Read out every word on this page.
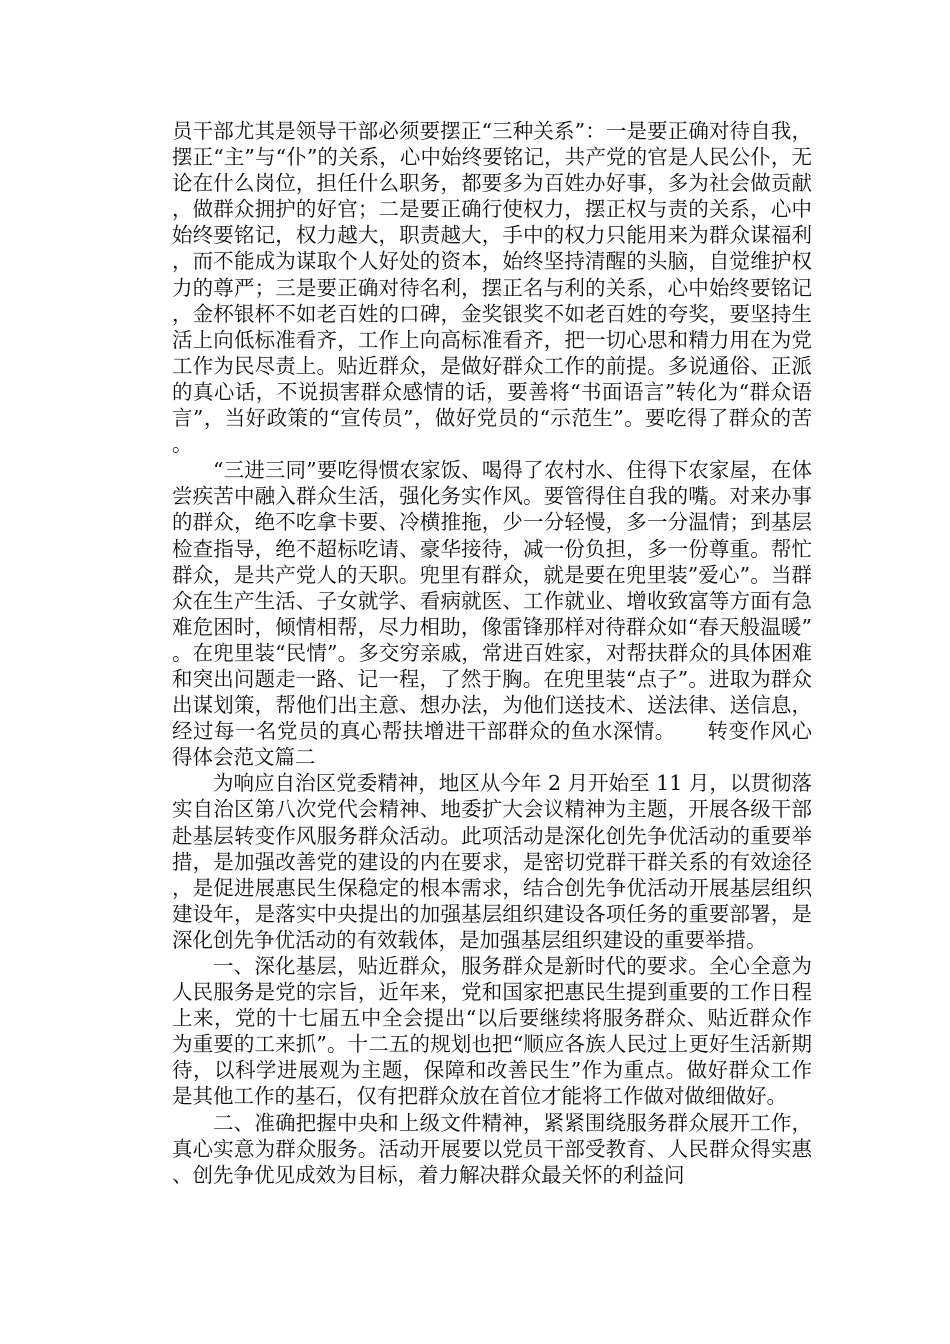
员干部尤其是领导干部必须要摆正“三种关系”：一是要正确对待自我，摆正“主”与“仆”的关系，心中始终要铭记，共产党的官是人民公仆，无论在什么岗位，担任什么职务，都要多为百姓办好事，多为社会做贡献，做群众拥护的好官；二是要正确行使权力，摆正权与责的关系，心中始终要铭记，权力越大，职责越大，手中的权力只能用来为群众谋福利，而不能成为谋取个人好处的资本，始终坚持清醒的头脑，自觉维护权力的尊严；三是要正确对待名利，摆正名与利的关系，心中始终要铭记，金杯银杯不如老百姓的口碑，金奖银奖不如老百姓的夸奖，要坚持生活上向低标准看齐，工作上向高标准看齐，把一切心思和精力用在为党工作为民尽责上。贴近群众，是做好群众工作的前提。多说通俗、正派的真心话，不说损害群众感情的话，要善将“书面语言”转化为“群众语言”，当好政策的“宣传员”，做好党员的“示范生”。要吃得了群众的苦。

“三进三同”要吃得惯农家饭、喝得了农村水、住得下农家屋，在体尝疾苦中融入群众生活，强化务实作风。要管得住自我的嘴。对来办事的群众，绝不吃拿卡要、冷横推拖，少一分轻慢，多一分温情；到基层检查指导，绝不超标吃请、豪华接待，减一份负担，多一份尊重。帮忙群众，是共产党人的天职。兜里有群众，就是要在兜里装”爱心”。当群众在生产生活、子女就学、看病就医、工作就业、增收致富等方面有急难危困时，倾情相帮，尽力相助，像雷锋那样对待群众如“春天般温暖”。在兜里装“民情”。多交穷亲戚，常进百姓家，对帮扶群众的具体困难和突出问题走一路、记一程，了然于胸。在兜里装“点子”。进取为群众出谋划策，帮他们出主意、想办法，为他们送技术、送法律、送信息，经过每一名党员的真心帮扶增进干部群众的鱼水深情。　　转变作风心得体会范文篇二

为响应自治区党委精神，地区从今年 2 月开始至 11 月，以贯彻落实自治区第八次党代会精神、地委扩大会议精神为主题，开展各级干部赴基层转变作风服务群众活动。此项活动是深化创先争优活动的重要举措，是加强改善党的建设的内在要求，是密切党群干群关系的有效途径，是促进展惠民生保稳定的根本需求，结合创先争优活动开展基层组织建设年，是落实中央提出的加强基层组织建设各项任务的重要部署，是深化创先争优活动的有效载体，是加强基层组织建设的重要举措。

一、深化基层，贴近群众，服务群众是新时代的要求。全心全意为人民服务是党的宗旨，近年来，党和国家把惠民生提到重要的工作日程上来，党的十七届五中全会提出“以后要继续将服务群众、贴近群众作为重要的工来抓”。十二五的规划也把“顺应各族人民过上更好生活新期待，以科学进展观为主题，保障和改善民生”作为重点。做好群众工作是其他工作的基石，仅有把群众放在首位才能将工作做对做细做好。

二、准确把握中央和上级文件精神，紧紧围绕服务群众展开工作，真心实意为群众服务。活动开展要以党员干部受教育、人民群众得实惠、创先争优见成效为目标，着力解决群众最关怀的利益问
